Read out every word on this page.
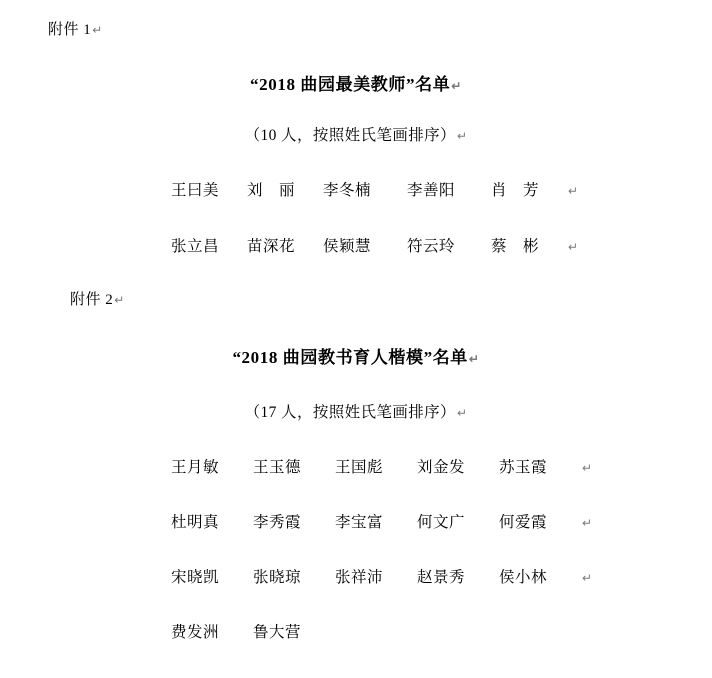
附件 1↵
“2018 曲园最美教师”名单↵
（10 人，按照姓氏笔画排序）↵
王曰美 刘　丽 李冬楠 李善阳 肖　芳 ↵
张立昌 苗深花 侯颖慧 符云玲 蔡　彬 ↵
附件 2↵
“2018 曲园教书育人楷模”名单↵
（17 人，按照姓氏笔画排序）↵
王月敏 王玉德 王国彪 刘金发 苏玉霞	↵
杜明真 李秀霞 李宝富 何文广 何爱霞	↵
宋晓凯 张晓琼 张祥沛 赵景秀 侯小林	↵
费发洲 鲁大营
